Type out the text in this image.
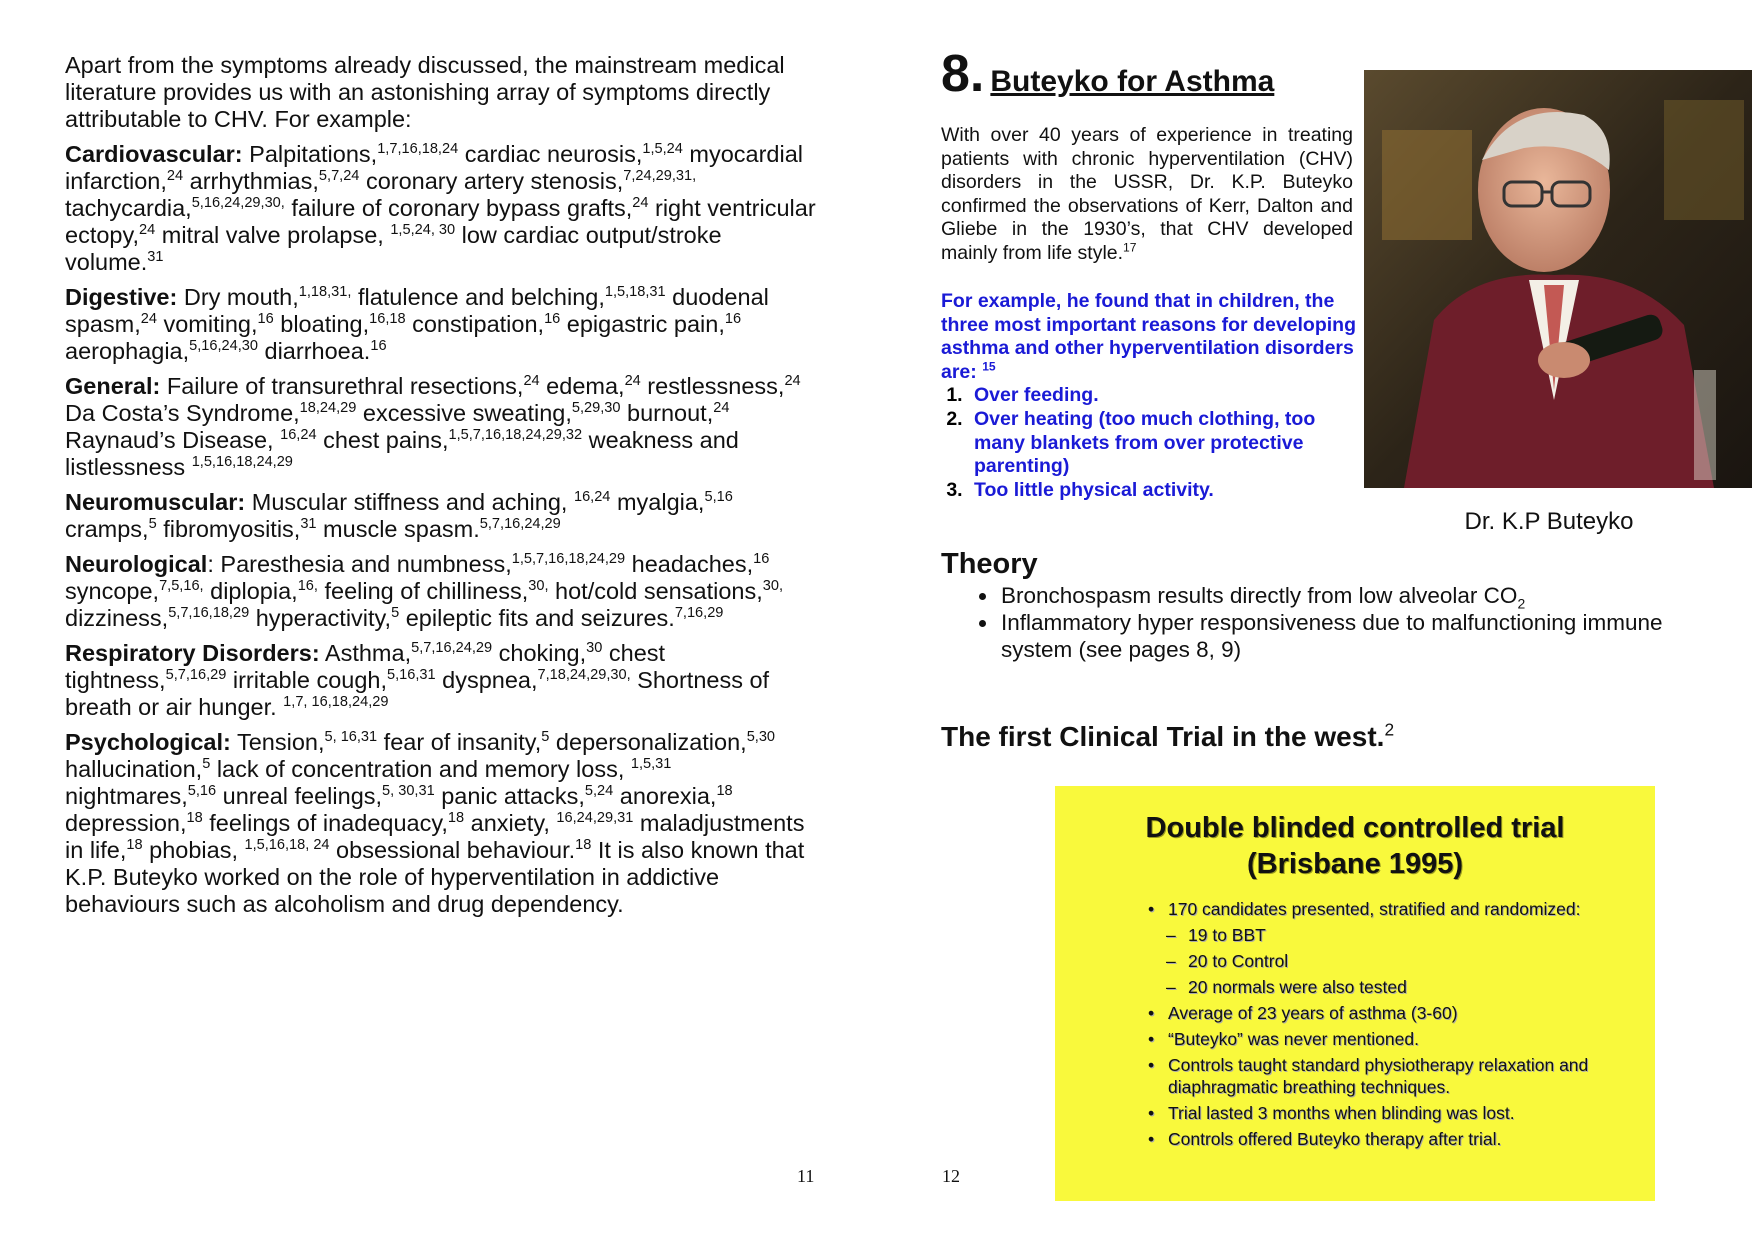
Apart from the symptoms already discussed, the mainstream medical literature provides us with an astonishing array of symptoms directly attributable to CHV. For example:

Cardiovascular: Palpitations,$^{1,7,16,18,24}$ cardiac neurosis,$^{1,5,24}$ myocardial infarction,$^{24}$ arrhythmias,$^{5,7,24}$ coronary artery stenosis,$^{7,24,29,31,}$ tachycardia,$^{5,16,24,29,30,}$ failure of coronary bypass grafts,$^{24}$ right ventricular ectopy,$^{24}$ mitral valve prolapse, $^{1,5,24, 30}$ low cardiac output/stroke volume.$^{31}$

Digestive: Dry mouth,$^{1,18,31,}$ flatulence and belching,$^{1,5,18,31}$ duodenal spasm,$^{24}$ vomiting,$^{16}$ bloating,$^{16,18}$ constipation,$^{16}$ epigastric pain,$^{16}$ aerophagia,$^{5,16,24,30}$ diarrhoea.$^{16}$

General: Failure of transurethral resections,$^{24}$ edema,$^{24}$ restlessness,$^{24}$ Da Costa’s Syndrome,$^{18,24,29}$ excessive sweating,$^{5,29,30}$ burnout,$^{24}$ Raynaud’s Disease, $^{16,24}$ chest pains,$^{1,5,7,16,18,24,29,32}$ weakness and listlessness $^{1,5,16,18,24,29}$

Neuromuscular: Muscular stiffness and aching, $^{16,24}$ myalgia,$^{5,16}$ cramps,$^5$ fibromyositis,$^{31}$ muscle spasm.$^{5,7,16,24,29}$

Neurological: Paresthesia and numbness,$^{1,5,7,16,18,24,29}$ headaches,$^{16}$ syncope,$^{7,5,16,}$ diplopia,$^{16,}$ feeling of chilliness,$^{30,}$ hot/cold sensations,$^{30,}$ dizziness,$^{5,7,16,18,29}$ hyperactivity,$^5$ epileptic fits and seizures.$^{7,16,29}$

Respiratory Disorders: Asthma,$^{5,7,16,24,29}$ choking,$^{30}$ chest tightness,$^{5,7,16,29}$ irritable cough,$^{5,16,31}$ dyspnea,$^{7,18,24,29,30,}$ Shortness of breath or air hunger. $^{1,7, 16,18,24,29}$

Psychological: Tension,$^{5, 16,31}$ fear of insanity,$^5$ depersonalization,$^{5,30}$ hallucination,$^5$ lack of concentration and memory loss, $^{1,5,31}$ nightmares,$^{5,16}$ unreal feelings,$^{5, 30,31}$ panic attacks,$^{5,24}$ anorexia,$^{18}$ depression,$^{18}$ feelings of inadequacy,$^{18}$ anxiety, $^{16,24,29,31}$ maladjustments in life,$^{18}$ phobias, $^{1,5,16,18, 24}$ obsessional behaviour.$^{18}$ It is also known that K.P. Buteyko worked on the role of hyperventilation in addictive behaviours such as alcoholism and drug dependency.

11
8. Buteyko for Asthma
With over 40 years of experience in treating patients with chronic hyperventilation (CHV) disorders in the USSR, Dr. K.P. Buteyko confirmed the observations of Kerr, Dalton and Gliebe in the 1930’s, that CHV developed mainly from life style.$^{17}$
For example, he found that in children, the three most important reasons for developing asthma and other hyperventilation disorders are: $^{15}$
1. Over feeding.
2. Over heating (too much clothing, too many blankets from over protective parenting)
3. Too little physical activity.
Dr. K.P Buteyko
Theory
• Bronchospasm results directly from low alveolar $CO_2$
• Inflammatory hyper responsiveness due to malfunctioning immune system (see pages 8, 9)
The first Clinical Trial in the west.$^2$
Double blinded controlled trial
(Brisbane 1995)
• 170 candidates presented, stratified and randomized:
– 19 to BBT
– 20 to Control
– 20 normals were also tested
• Average of 23 years of asthma (3-60)
• “Buteyko” was never mentioned.
• Controls taught standard physiotherapy relaxation and diaphragmatic breathing techniques.
• Trial lasted 3 months when blinding was lost.
• Controls offered Buteyko therapy after trial.
12
